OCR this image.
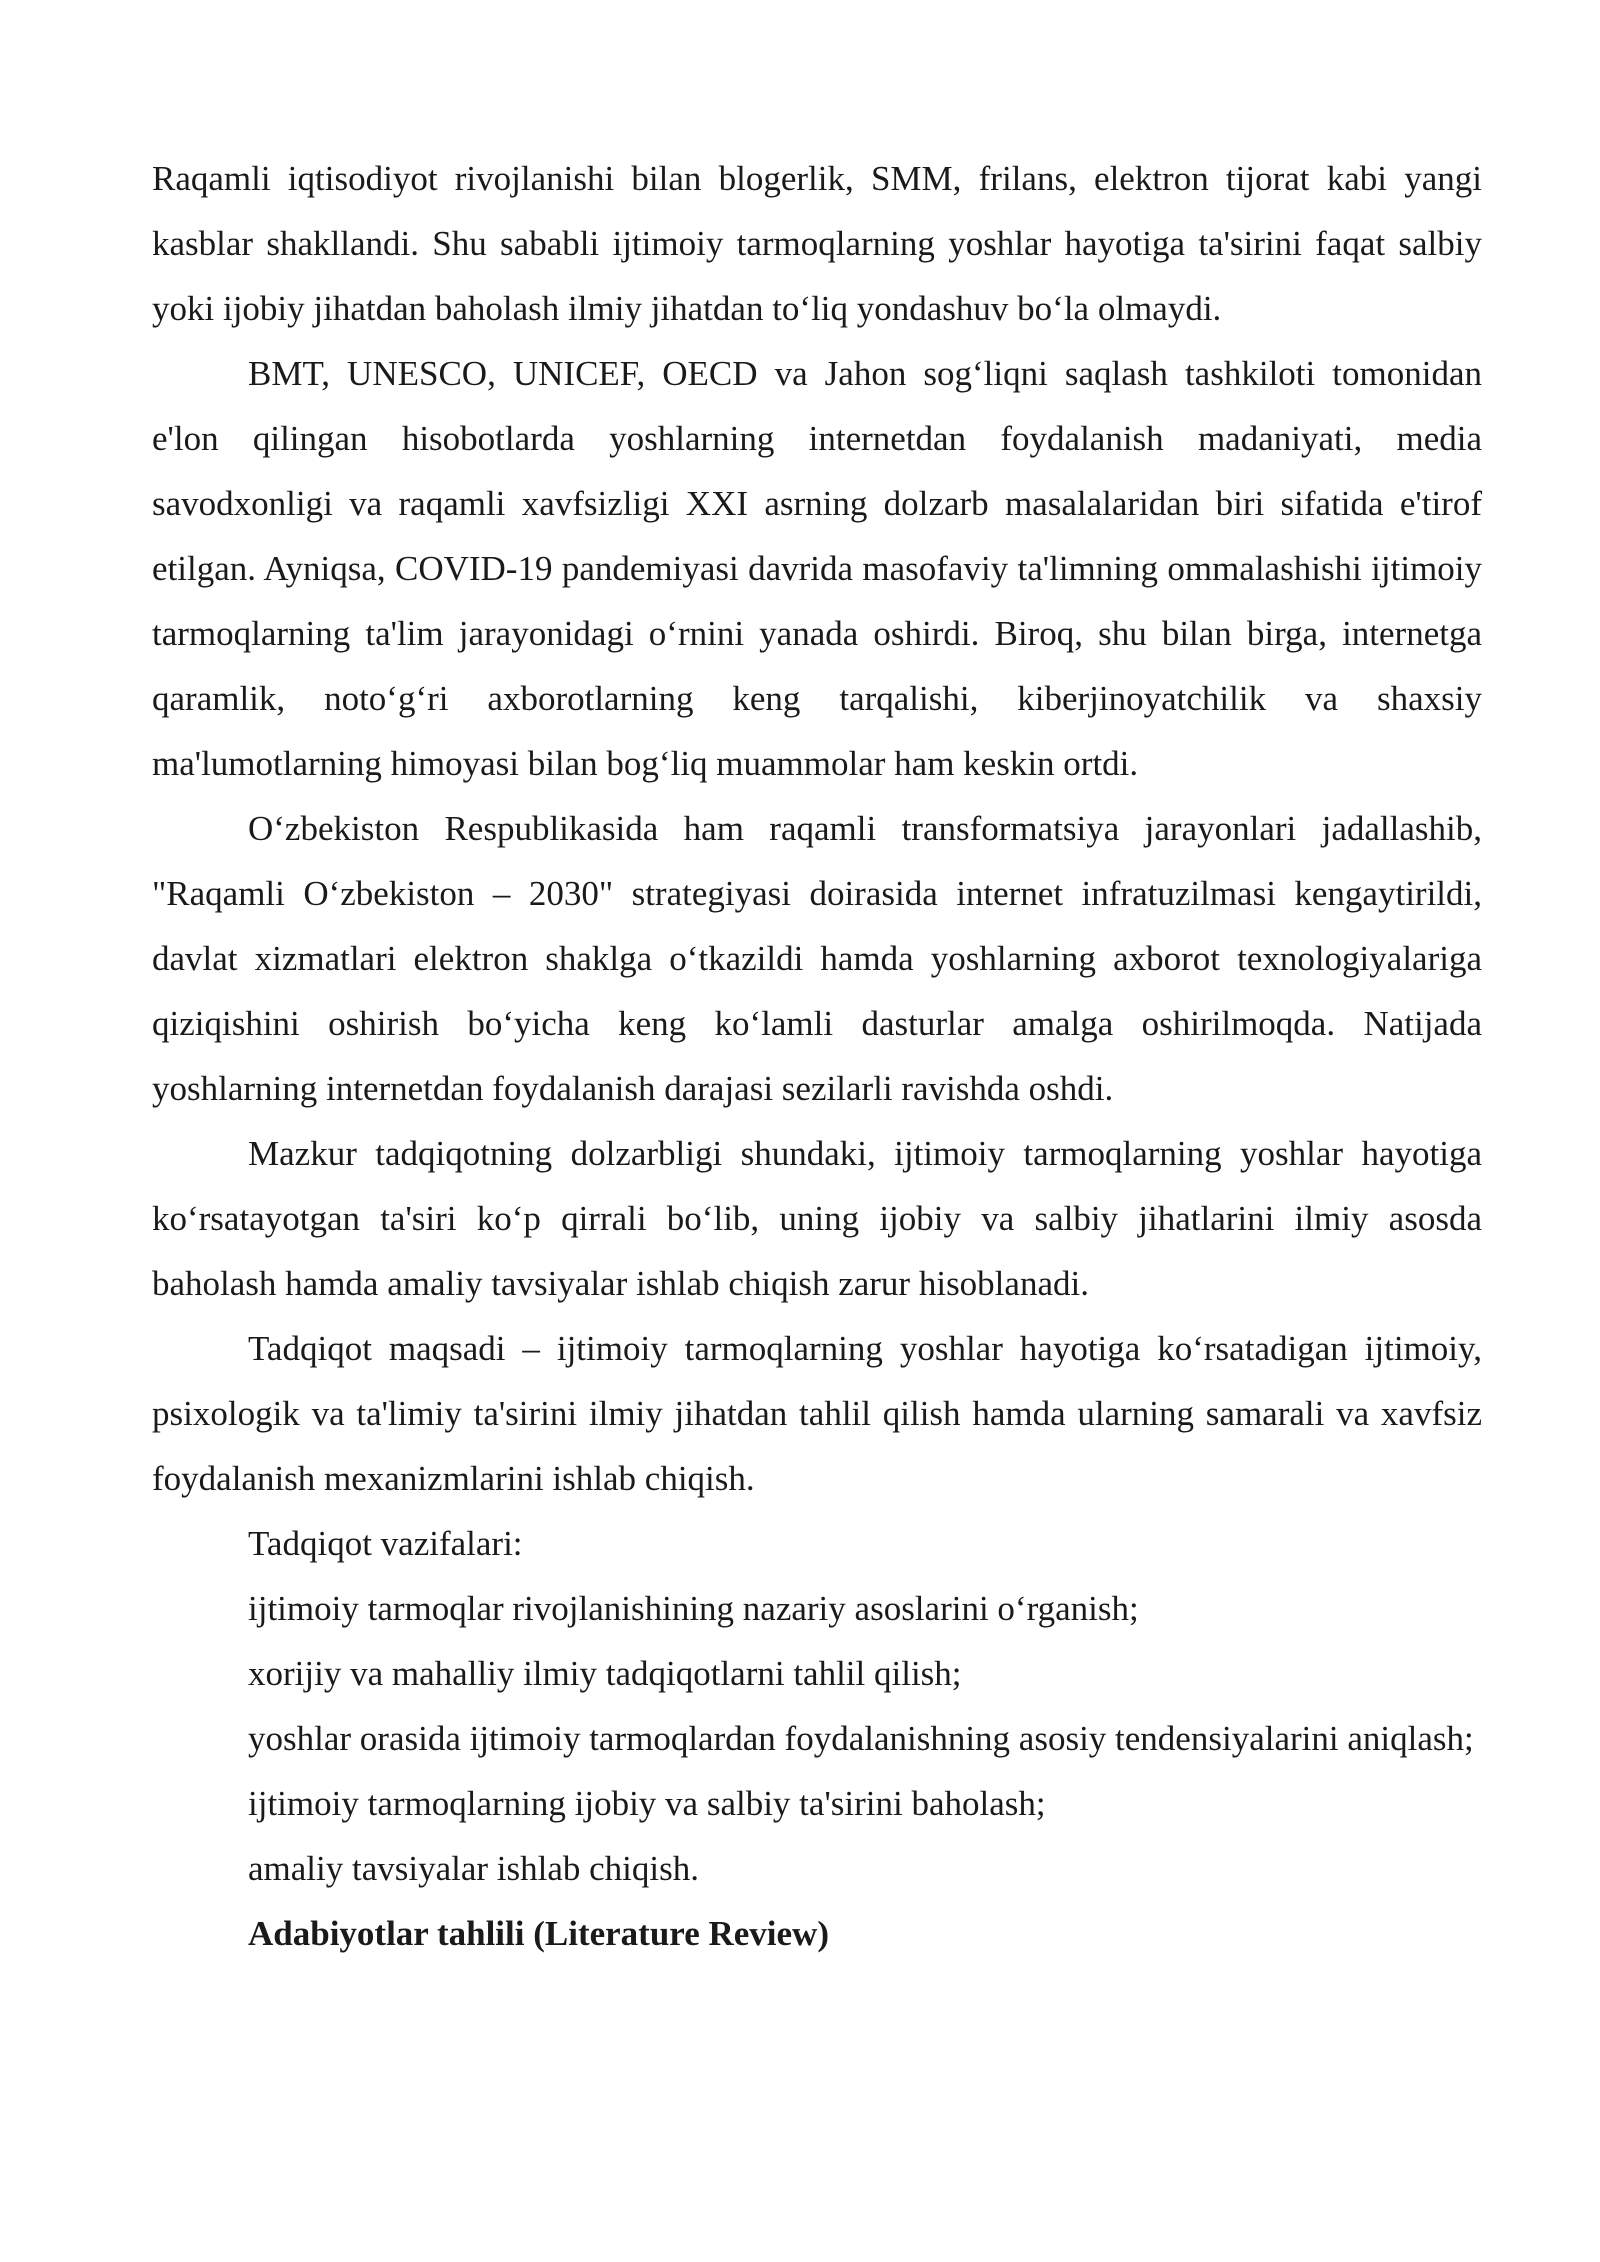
Raqamli iqtisodiyot rivojlanishi bilan blogerlik, SMM, frilans, elektron tijorat kabi yangi kasblar shakllandi. Shu sababli ijtimoiy tarmoqlarning yoshlar hayotiga ta'sirini faqat salbiy yoki ijobiy jihatdan baholash ilmiy jihatdan to‘liq yondashuv bo‘la olmaydi.

BMT, UNESCO, UNICEF, OECD va Jahon sog‘liqni saqlash tashkiloti tomonidan e'lon qilingan hisobotlarda yoshlarning internetdan foydalanish madaniyati, media savodxonligi va raqamli xavfsizligi XXI asrning dolzarb masalalaridan biri sifatida e'tirof etilgan. Ayniqsa, COVID-19 pandemiyasi davrida masofaviy ta'limning ommalashishi ijtimoiy tarmoqlarning ta'lim jarayonidagi o‘rnini yanada oshirdi. Biroq, shu bilan birga, internetga qaramlik, noto‘g‘ri axborotlarning keng tarqalishi, kiberjinoyatchilik va shaxsiy ma'lumotlarning himoyasi bilan bog‘liq muammolar ham keskin ortdi.

O‘zbekiston Respublikasida ham raqamli transformatsiya jarayonlari jadallashib, "Raqamli O‘zbekiston – 2030" strategiyasi doirasida internet infratuzilmasi kengaytirildi, davlat xizmatlari elektron shaklga o‘tkazildi hamda yoshlarning axborot texnologiyalariga qiziqishini oshirish bo‘yicha keng ko‘lamli dasturlar amalga oshirilmoqda. Natijada yoshlarning internetdan foydalanish darajasi sezilarli ravishda oshdi.

Mazkur tadqiqotning dolzarbligi shundaki, ijtimoiy tarmoqlarning yoshlar hayotiga ko‘rsatayotgan ta'siri ko‘p qirrali bo‘lib, uning ijobiy va salbiy jihatlarini ilmiy asosda baholash hamda amaliy tavsiyalar ishlab chiqish zarur hisoblanadi.

Tadqiqot maqsadi – ijtimoiy tarmoqlarning yoshlar hayotiga ko‘rsatadigan ijtimoiy, psixologik va ta'limiy ta'sirini ilmiy jihatdan tahlil qilish hamda ularning samarali va xavfsiz foydalanish mexanizmlarini ishlab chiqish.

Tadqiqot vazifalari:

ijtimoiy tarmoqlar rivojlanishining nazariy asoslarini o‘rganish;

xorijiy va mahalliy ilmiy tadqiqotlarni tahlil qilish;

yoshlar orasida ijtimoiy tarmoqlardan foydalanishning asosiy tendensiyalarini aniqlash;

ijtimoiy tarmoqlarning ijobiy va salbiy ta'sirini baholash;

amaliy tavsiyalar ishlab chiqish.

Adabiyotlar tahlili (Literature Review)
